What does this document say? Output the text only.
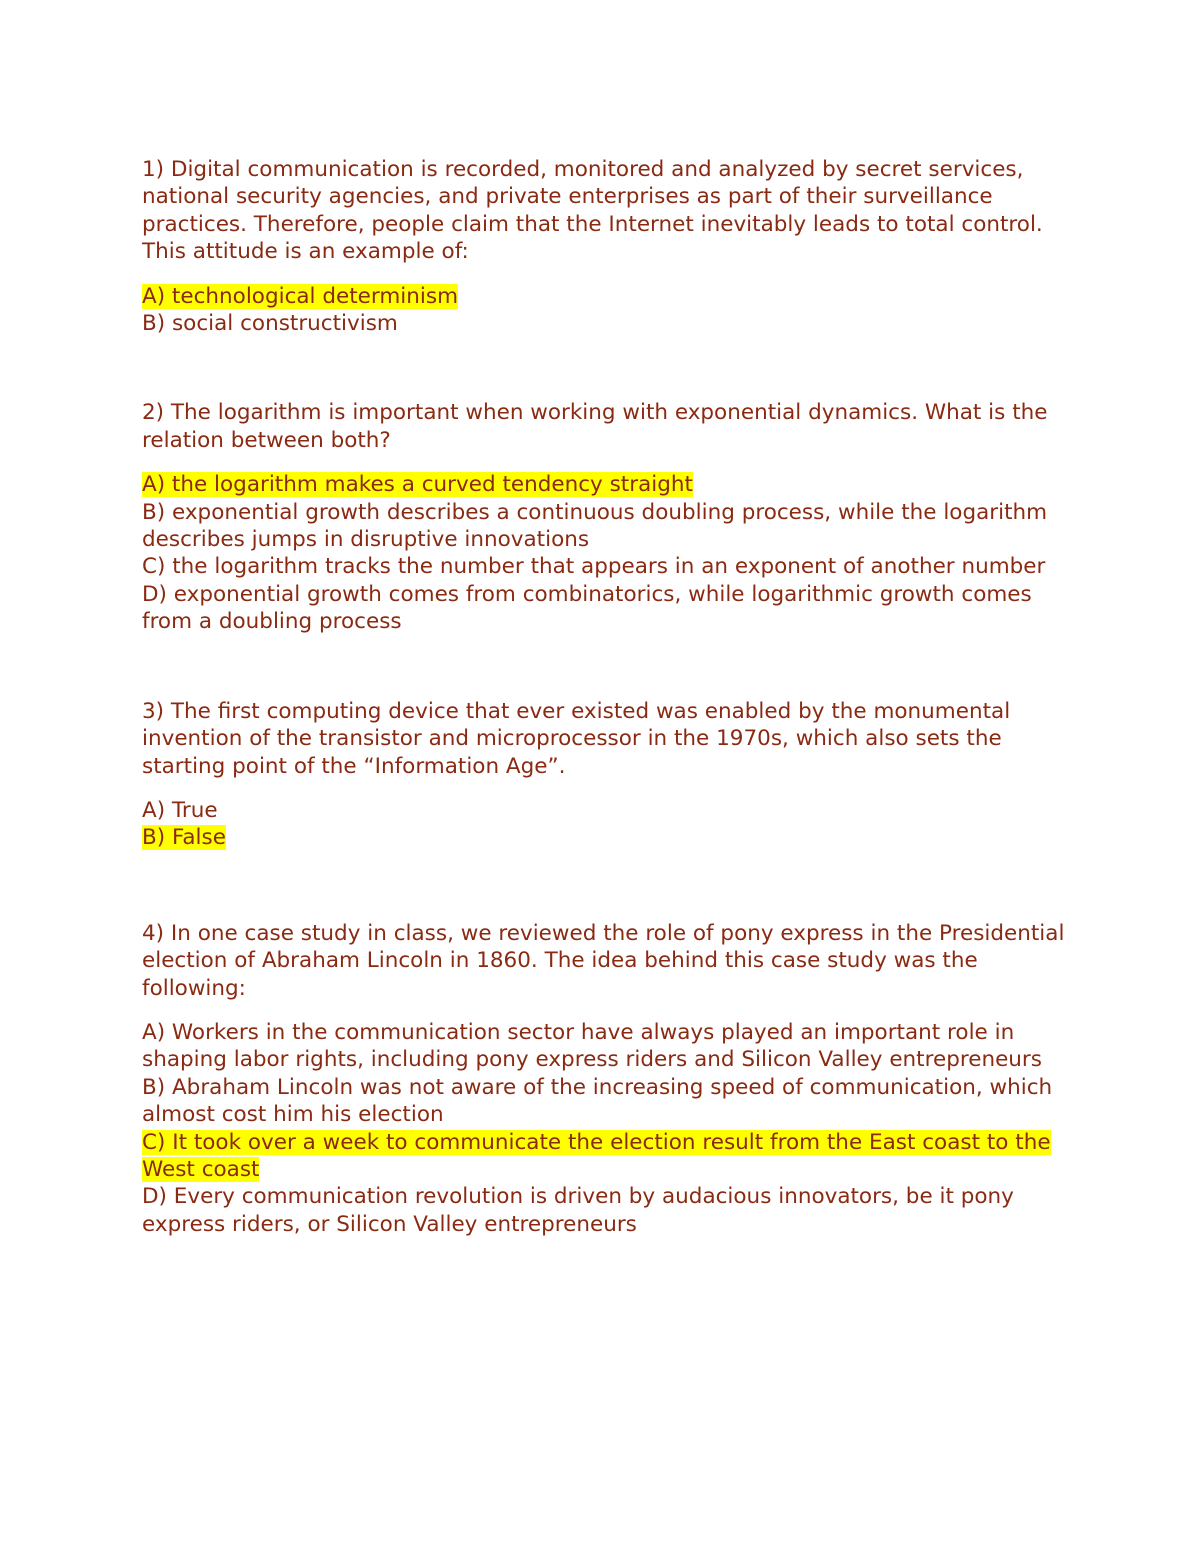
1) Digital communication is recorded, monitored and analyzed by secret services, national security agencies, and private enterprises as part of their surveillance practices. Therefore, people claim that the Internet inevitably leads to total control. This attitude is an example of:

A) technological determinism
B) social constructivism

2) The logarithm is important when working with exponential dynamics. What is the relation between both?

A) the logarithm makes a curved tendency straight
B) exponential growth describes a continuous doubling process, while the logarithm describes jumps in disruptive innovations
C) the logarithm tracks the number that appears in an exponent of another number
D) exponential growth comes from combinatorics, while logarithmic growth comes from a doubling process

3) The first computing device that ever existed was enabled by the monumental invention of the transistor and microprocessor in the 1970s, which also sets the starting point of the “Information Age”.

A) True
B) False

4) In one case study in class, we reviewed the role of pony express in the Presidential election of Abraham Lincoln in 1860. The idea behind this case study was the following:

A) Workers in the communication sector have always played an important role in shaping labor rights, including pony express riders and Silicon Valley entrepreneurs
B) Abraham Lincoln was not aware of the increasing speed of communication, which almost cost him his election
C) It took over a week to communicate the election result from the East coast to the West coast
D) Every communication revolution is driven by audacious innovators, be it pony express riders, or Silicon Valley entrepreneurs
